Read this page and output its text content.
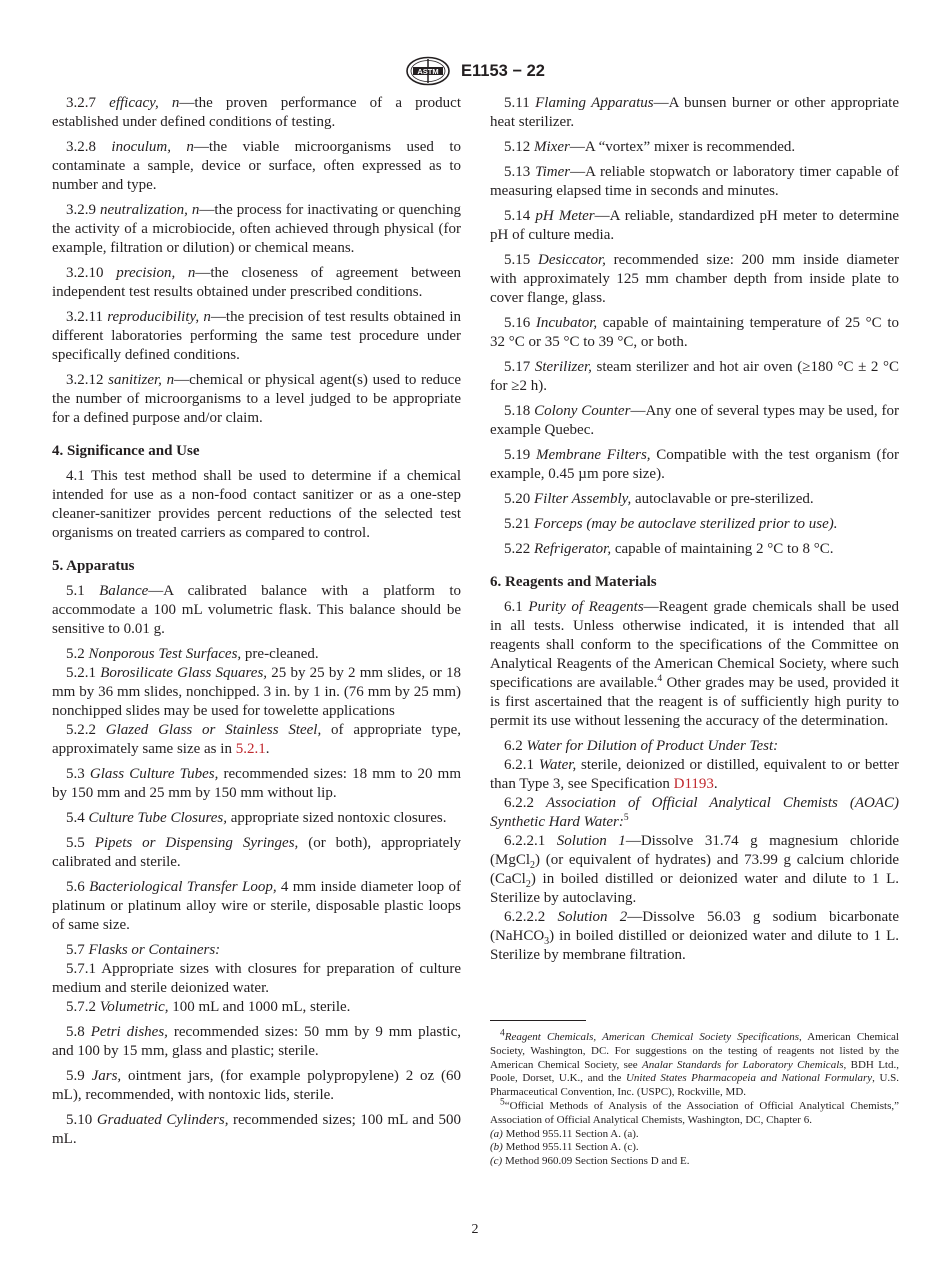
ASTM E1153 − 22

3.2.7 efficacy, n—the proven performance of a product established under defined conditions of testing.

3.2.8 inoculum, n—the viable microorganisms used to contaminate a sample, device or surface, often expressed as to number and type.

3.2.9 neutralization, n—the process for inactivating or quenching the activity of a microbiocide, often achieved through physical (for example, filtration or dilution) or chemical means.

3.2.10 precision, n—the closeness of agreement between independent test results obtained under prescribed conditions.

3.2.11 reproducibility, n—the precision of test results obtained in different laboratories performing the same test procedure under specifically defined conditions.

3.2.12 sanitizer, n—chemical or physical agent(s) used to reduce the number of microorganisms to a level judged to be appropriate for a defined purpose and/or claim.

4. Significance and Use

4.1 This test method shall be used to determine if a chemical intended for use as a non-food contact sanitizer or as a one-step cleaner-sanitizer provides percent reductions of the selected test organisms on treated carriers as compared to control.

5. Apparatus

5.1 Balance—A calibrated balance with a platform to accommodate a 100 mL volumetric flask. This balance should be sensitive to 0.01 g.

5.2 Nonporous Test Surfaces, pre-cleaned.

5.2.1 Borosilicate Glass Squares, 25 by 25 by 2 mm slides, or 18 mm by 36 mm slides, nonchipped. 3 in. by 1 in. (76 mm by 25 mm) nonchipped slides may be used for towelette applications

5.2.2 Glazed Glass or Stainless Steel, of appropriate type, approximately same size as in 5.2.1.

5.3 Glass Culture Tubes, recommended sizes: 18 mm to 20 mm by 150 mm and 25 mm by 150 mm without lip.

5.4 Culture Tube Closures, appropriate sized nontoxic closures.

5.5 Pipets or Dispensing Syringes, (or both), appropriately calibrated and sterile.

5.6 Bacteriological Transfer Loop, 4 mm inside diameter loop of platinum or platinum alloy wire or sterile, disposable plastic loops of same size.

5.7 Flasks or Containers:

5.7.1 Appropriate sizes with closures for preparation of culture medium and sterile deionized water.

5.7.2 Volumetric, 100 mL and 1000 mL, sterile.

5.8 Petri dishes, recommended sizes: 50 mm by 9 mm plastic, and 100 by 15 mm, glass and plastic; sterile.

5.9 Jars, ointment jars, (for example polypropylene) 2 oz (60 mL), recommended, with nontoxic lids, sterile.

5.10 Graduated Cylinders, recommended sizes; 100 mL and 500 mL.

5.11 Flaming Apparatus—A bunsen burner or other appropriate heat sterilizer.

5.12 Mixer—A “vortex” mixer is recommended.

5.13 Timer—A reliable stopwatch or laboratory timer capable of measuring elapsed time in seconds and minutes.

5.14 pH Meter—A reliable, standardized pH meter to determine pH of culture media.

5.15 Desiccator, recommended size: 200 mm inside diameter with approximately 125 mm chamber depth from inside plate to cover flange, glass.

5.16 Incubator, capable of maintaining temperature of 25 °C to 32 °C or 35 °C to 39 °C, or both.

5.17 Sterilizer, steam sterilizer and hot air oven (≥180 °C ± 2 °C for ≥2 h).

5.18 Colony Counter—Any one of several types may be used, for example Quebec.

5.19 Membrane Filters, Compatible with the test organism (for example, 0.45 µm pore size).

5.20 Filter Assembly, autoclavable or pre-sterilized.

5.21 Forceps (may be autoclave sterilized prior to use).

5.22 Refrigerator, capable of maintaining 2 °C to 8 °C.

6. Reagents and Materials

6.1 Purity of Reagents—Reagent grade chemicals shall be used in all tests. Unless otherwise indicated, it is intended that all reagents shall conform to the specifications of the Committee on Analytical Reagents of the American Chemical Society, where such specifications are available.$^4$ Other grades may be used, provided it is first ascertained that the reagent is of sufficiently high purity to permit its use without lessening the accuracy of the determination.

6.2 Water for Dilution of Product Under Test:

6.2.1 Water, sterile, deionized or distilled, equivalent to or better than Type 3, see Specification D1193.

6.2.2 Association of Official Analytical Chemists (AOAC) Synthetic Hard Water:$^5$

6.2.2.1 Solution 1—Dissolve 31.74 g magnesium chloride (MgCl$_2$) (or equivalent of hydrates) and 73.99 g calcium chloride (CaCl$_2$) in boiled distilled or deionized water and dilute to 1 L. Sterilize by autoclaving.

6.2.2.2 Solution 2—Dissolve 56.03 g sodium bicarbonate (NaHCO$_3$) in boiled distilled or deionized water and dilute to 1 L. Sterilize by membrane filtration.

$^4$Reagent Chemicals, American Chemical Society Specifications, American Chemical Society, Washington, DC. For suggestions on the testing of reagents not listed by the American Chemical Society, see Analar Standards for Laboratory Chemicals, BDH Ltd., Poole, Dorset, U.K., and the United States Pharmacopeia and National Formulary, U.S. Pharmaceutical Convention, Inc. (USPC), Rockville, MD.

$^5$“Official Methods of Analysis of the Association of Official Analytical Chemists,” Association of Official Analytical Chemists, Washington, DC, Chapter 6.

(a) Method 955.11 Section A. (a).

(b) Method 955.11 Section A. (c).

(c) Method 960.09 Section Sections D and E.

2
